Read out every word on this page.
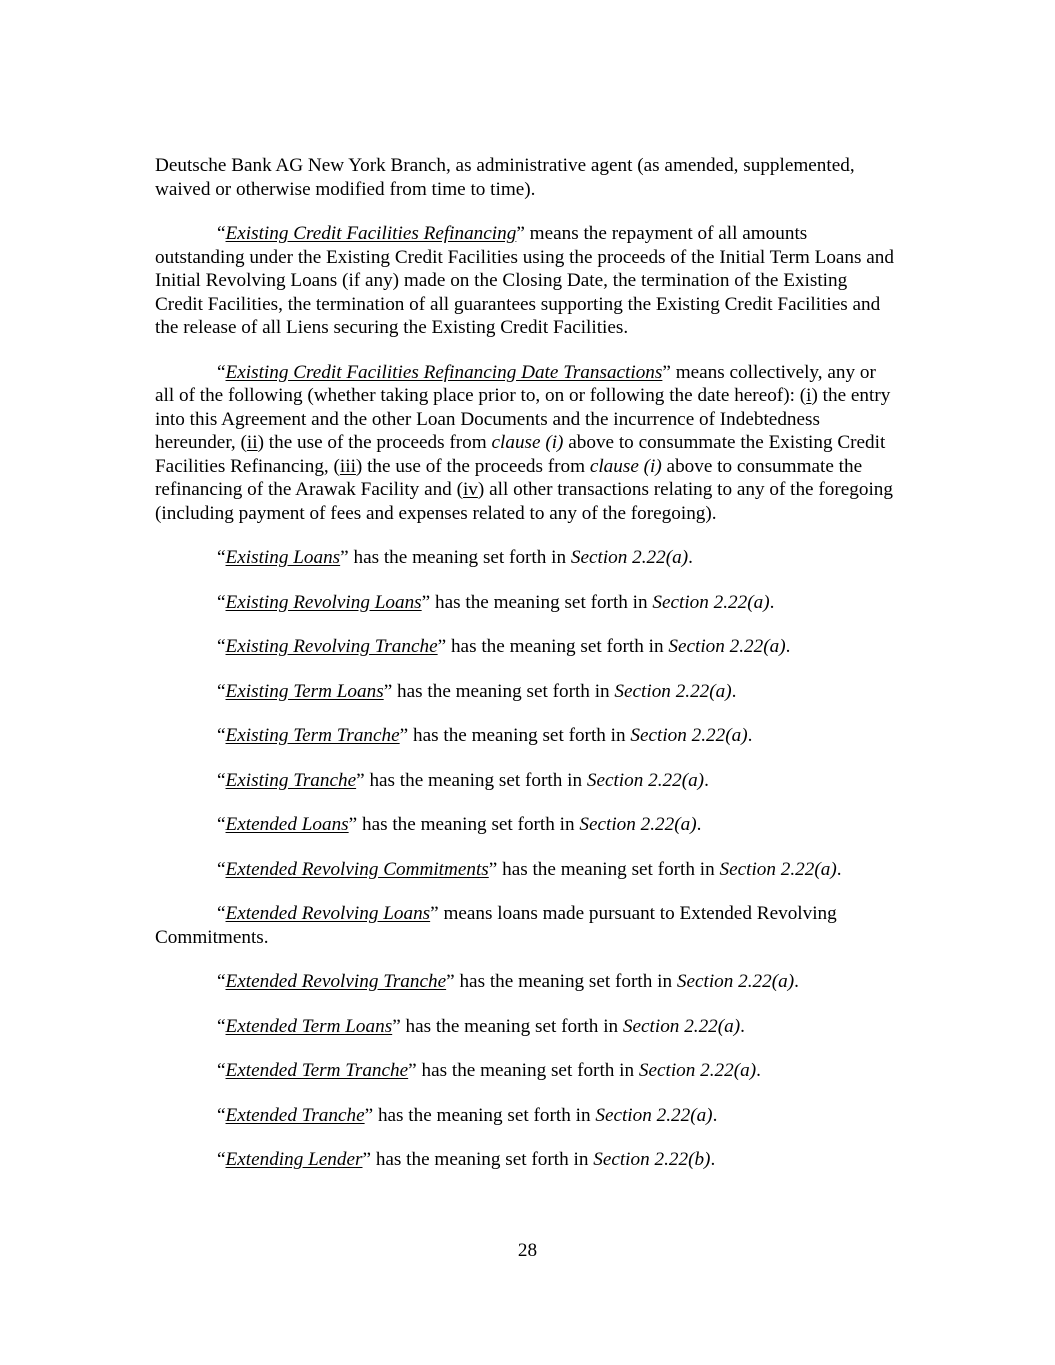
Deutsche Bank AG New York Branch, as administrative agent (as amended, supplemented, waived or otherwise modified from time to time).

“Existing Credit Facilities Refinancing” means the repayment of all amounts outstanding under the Existing Credit Facilities using the proceeds of the Initial Term Loans and Initial Revolving Loans (if any) made on the Closing Date, the termination of the Existing Credit Facilities, the termination of all guarantees supporting the Existing Credit Facilities and the release of all Liens securing the Existing Credit Facilities.

“Existing Credit Facilities Refinancing Date Transactions” means collectively, any or all of the following (whether taking place prior to, on or following the date hereof): (i) the entry into this Agreement and the other Loan Documents and the incurrence of Indebtedness hereunder, (ii) the use of the proceeds from clause (i) above to consummate the Existing Credit Facilities Refinancing, (iii) the use of the proceeds from clause (i) above to consummate the refinancing of the Arawak Facility and (iv) all other transactions relating to any of the foregoing (including payment of fees and expenses related to any of the foregoing).

“Existing Loans” has the meaning set forth in Section 2.22(a).

“Existing Revolving Loans” has the meaning set forth in Section 2.22(a).

“Existing Revolving Tranche” has the meaning set forth in Section 2.22(a).

“Existing Term Loans” has the meaning set forth in Section 2.22(a).

“Existing Term Tranche” has the meaning set forth in Section 2.22(a).

“Existing Tranche” has the meaning set forth in Section 2.22(a).

“Extended Loans” has the meaning set forth in Section 2.22(a).

“Extended Revolving Commitments” has the meaning set forth in Section 2.22(a).

“Extended Revolving Loans” means loans made pursuant to Extended Revolving Commitments.

“Extended Revolving Tranche” has the meaning set forth in Section 2.22(a).

“Extended Term Loans” has the meaning set forth in Section 2.22(a).

“Extended Term Tranche” has the meaning set forth in Section 2.22(a).

“Extended Tranche” has the meaning set forth in Section 2.22(a).

“Extending Lender” has the meaning set forth in Section 2.22(b).

28
